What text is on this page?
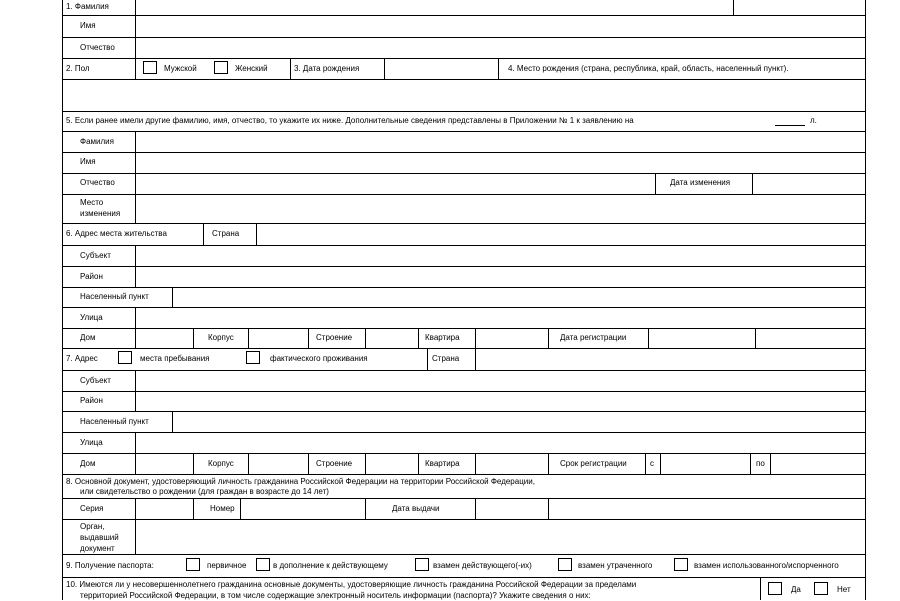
1. Фамилия
Имя
Отчество
2. Пол	Мужской	Женский	3. Дата рождения	4. Место рождения (страна, республика, край, область, населенный пункт).
5. Если ранее имели другие фамилию, имя, отчество, то укажите их ниже. Дополнительные сведения представлены в Приложении № 1 к заявлению на	л.
Фамилия
Имя
Отчество	Дата изменения
Место
изменения
6. Адрес места жительства	Страна
Субъект
Район
Населенный пункт
Улица
Дом	Корпус	Строение	Квартира	Дата регистрации
7. Адрес	места пребывания	фактического проживания	Страна
Субъект
Район
Населенный пункт
Улица
Дом	Корпус	Строение	Квартира	Срок регистрации	с	по
8. Основной документ, удостоверяющий личность гражданина Российской Федерации на территории Российской Федерации,
или свидетельство о рождении (для граждан в возрасте до 14 лет)
Серия	Номер	Дата выдачи
Орган,
выдавший
документ
9. Получение паспорта:	первичное	в дополнение к действующему	взамен действующего(-их)	взамен утраченного	взамен использованного/испорченного
10. Имеются ли у несовершеннолетнего гражданина основные документы, удостоверяющие личность гражданина Российской Федерации за пределами
территорией Российской Федерации, в том числе содержащие электронный носитель информации (паспорта)? Укажите сведения о них:
Да	Нет
